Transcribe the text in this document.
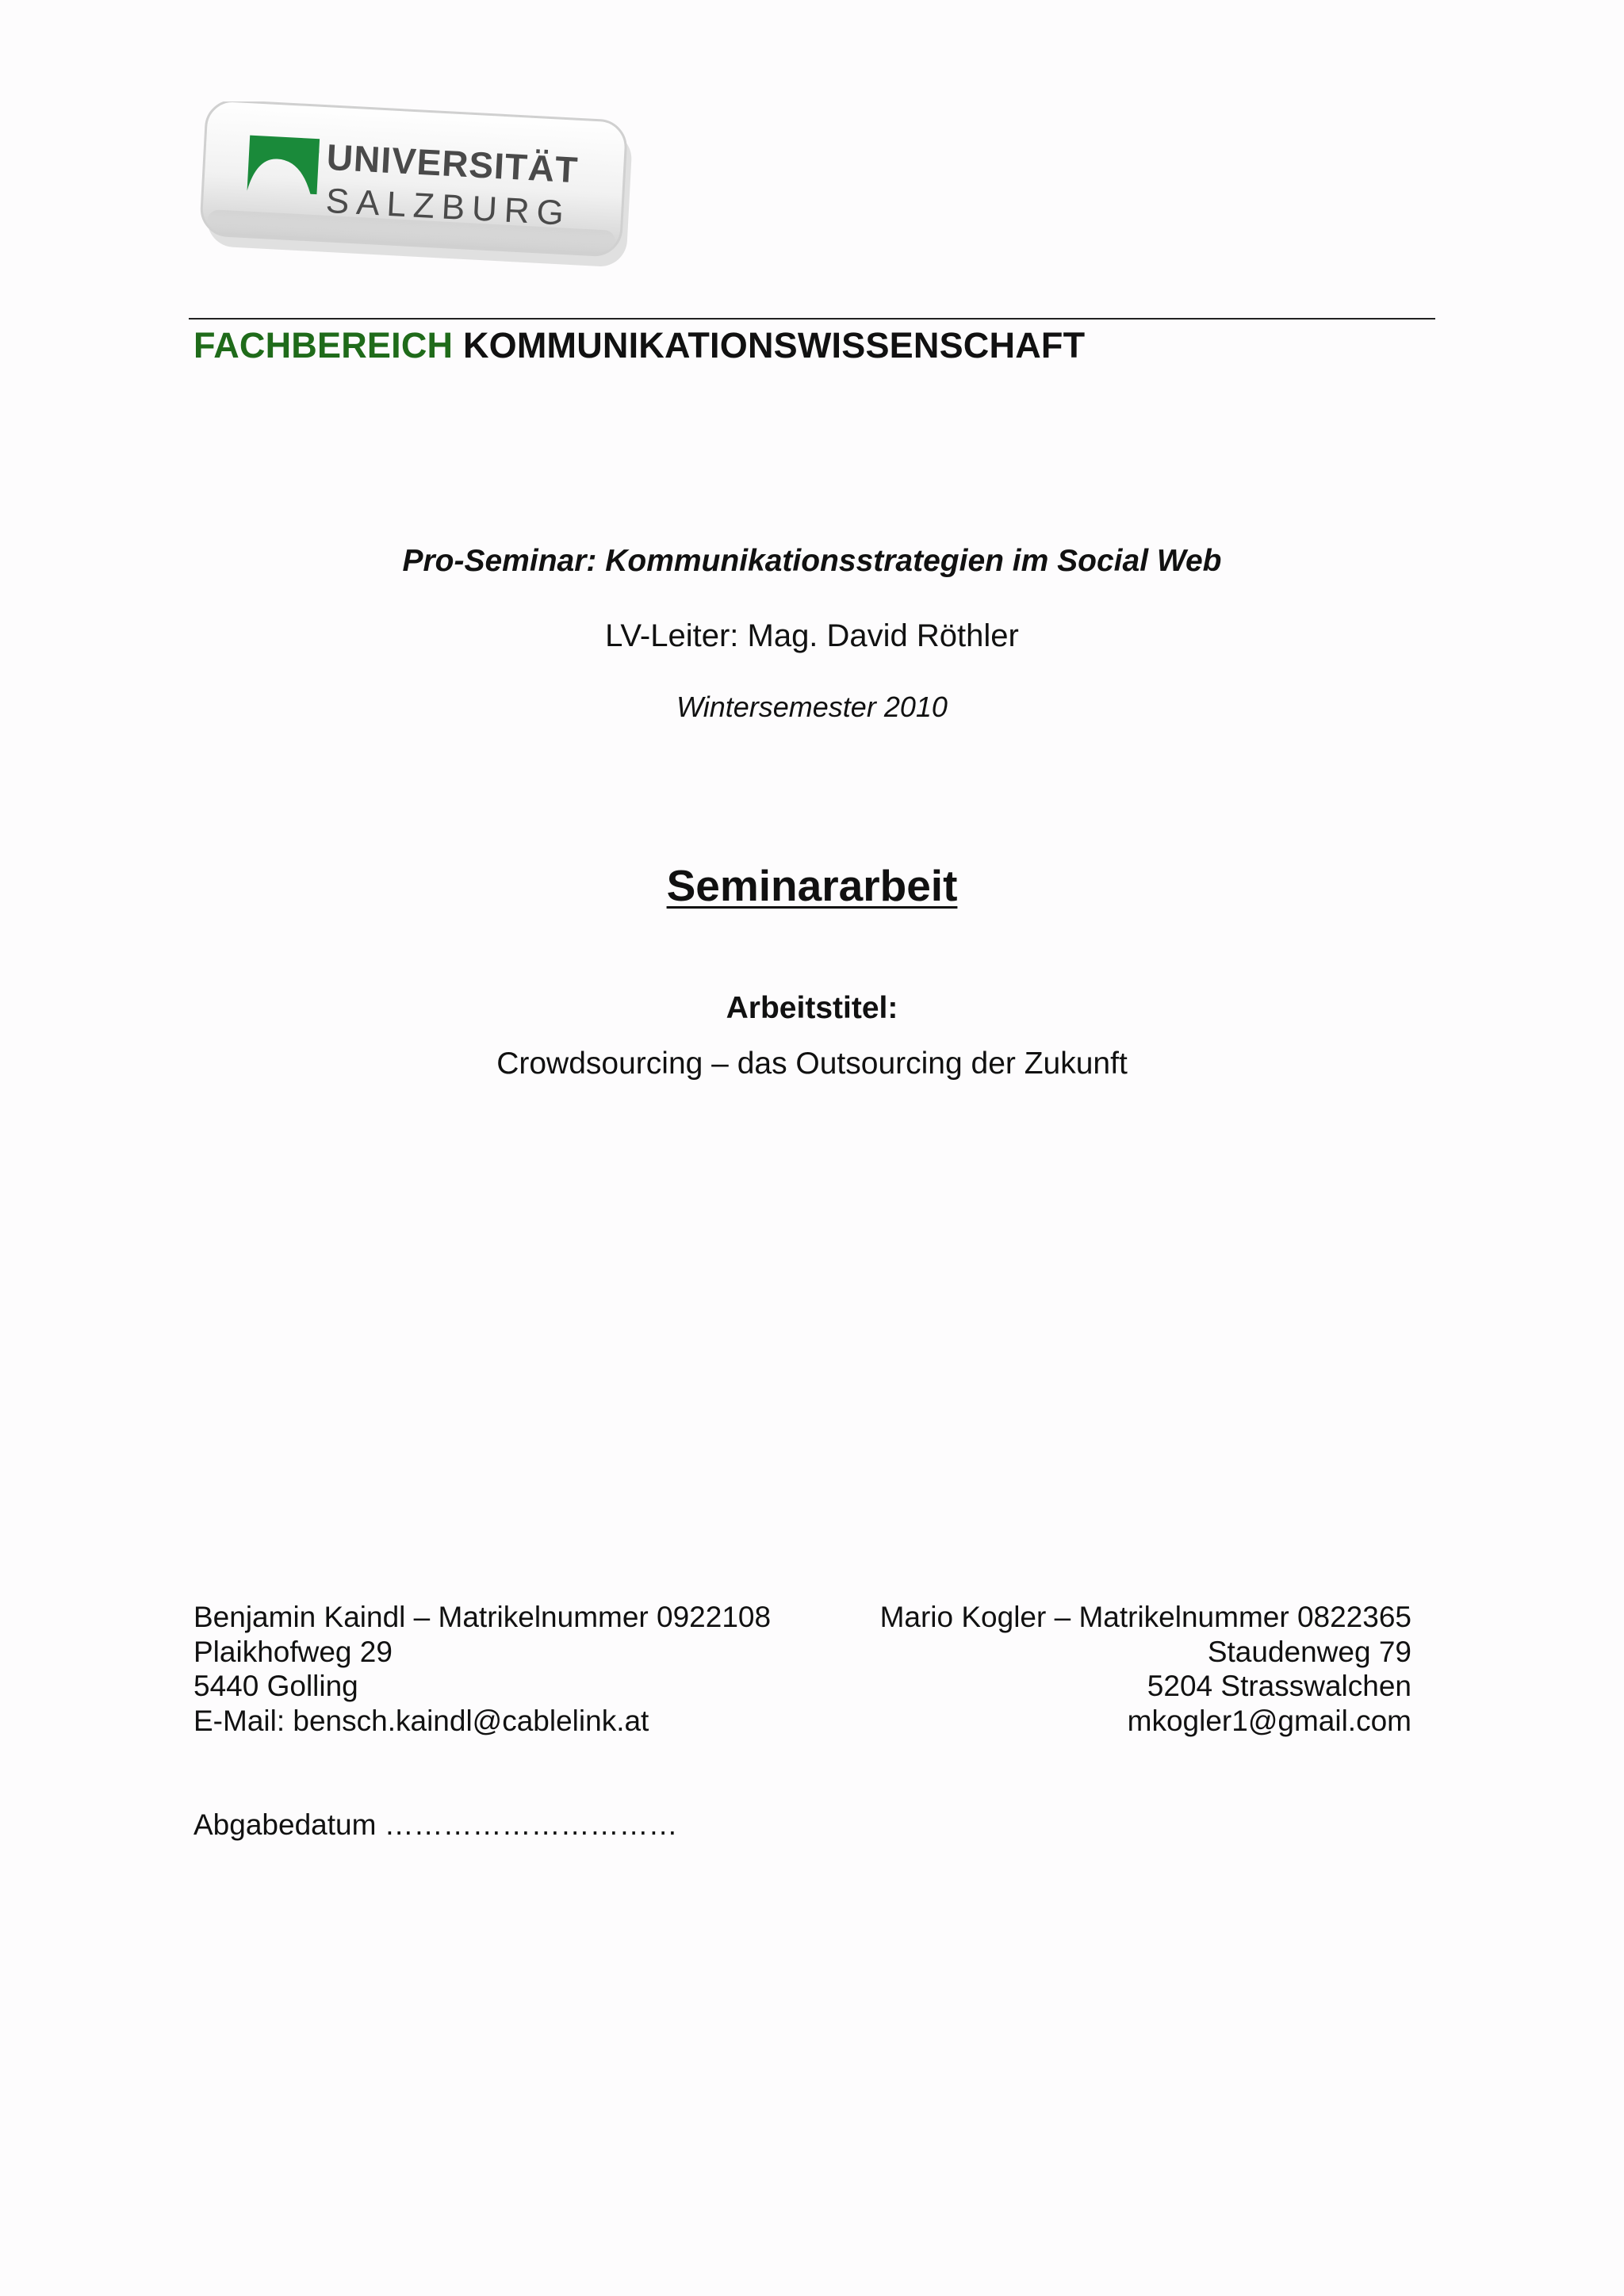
UNIVERSITÄT
SALZBURG
FACHBEREICH KOMMUNIKATIONSWISSENSCHAFT
Pro-Seminar: Kommunikationsstrategien im Social Web
LV-Leiter: Mag. David Röthler
Wintersemester 2010
Seminararbeit
Arbeitstitel:
Crowdsourcing – das Outsourcing der Zukunft
Benjamin Kaindl – Matrikelnummer 0922108
Plaikhofweg 29
5440 Golling
E-Mail: bensch.kaindl@cablelink.at
Mario Kogler – Matrikelnummer 0822365
Staudenweg 79
5204 Strasswalchen
mkogler1@gmail.com
Abgabedatum …………………………
